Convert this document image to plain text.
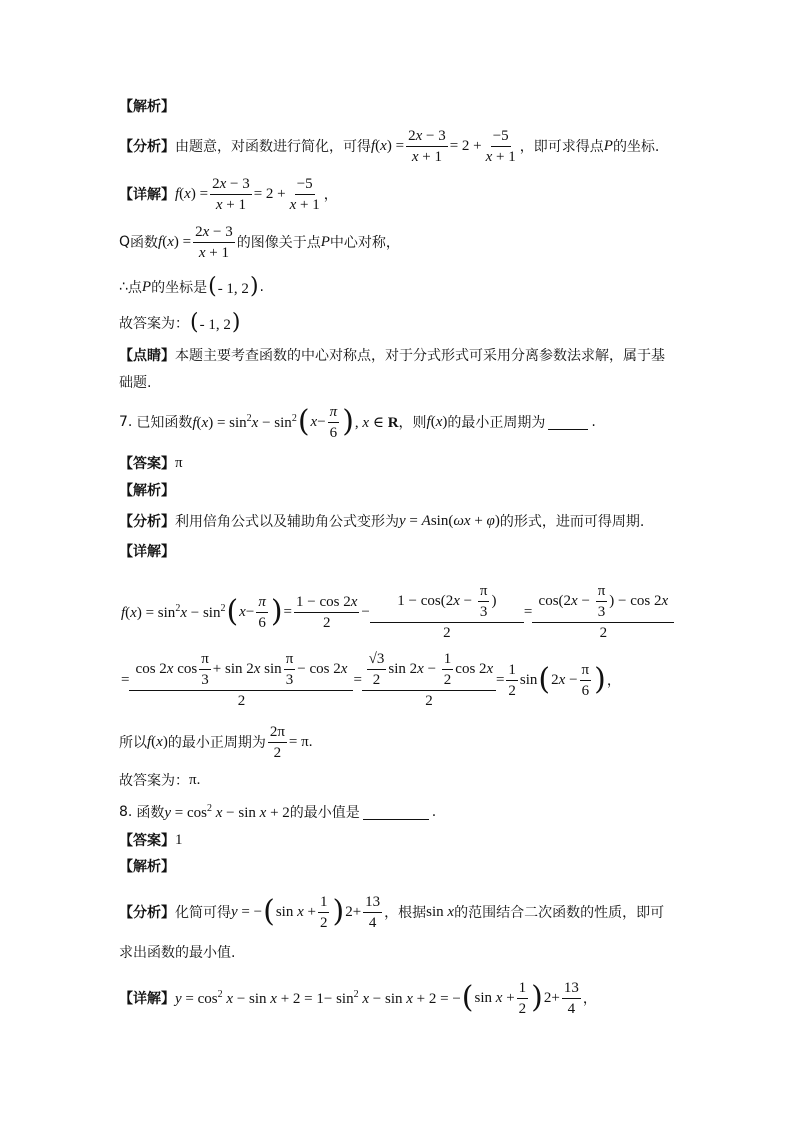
【解析】
【分析】 由题意，对函数进行简化，可得 $f(x) = \frac{2x - 3}{x + 1} = 2 + \frac{-5}{x + 1}$ ，即可求得点 P 的坐标.
【详解】 $f(x) = \frac{2x - 3}{x + 1} = 2 + \frac{-5}{x + 1}$ ，
Q 函数 $f(x) = \frac{2x - 3}{x + 1}$ 的图像关于点 P 中心对称，
∴ 点 P 的坐标是 (- 1, 2) .
故答案为： (- 1, 2)
【点睛】 本题主要考查函数的中心对称点，对于分式形式可采用分离参数法求解，属于基
础题.
7. 已知函数 $f(x) = \sin^2x - \sin^2$ ( $x - \frac{\pi}{6}$ ) , x ∈ R ，则 f(x) 的最小正周期为	.
【答案】 π
【解析】
【分析】 利用倍角公式以及辅助角公式变形为 y = Asin(ωx + φ) 的形式，进而可得周期.
【详解】
$f(x) = \sin^2x - \sin^2$ ( $x - \frac{\pi}{6}$ ) = $\frac{1 - \cos 2x}{2} - \frac{1 - \cos(2x - \frac{\pi}{3} )}{2} = \frac{\cos(2x - \frac{\pi}{3} ) - \cos 2x}{2}$
= $\frac{\cos 2x \cos \frac{\pi}{3} + \sin 2x \sin \frac{\pi}{3} - \cos 2x}{2} = \frac{\frac{√3}{2} \sin 2x - \frac{1}{2} \cos 2x}{2} = \frac{1}{2}$ sin ( $2x - \frac{\pi}{6}$ ) ，
所以 f(x) 的最小正周期为 $\frac{2\pi}{2} = \pi$.
故答案为： π.
8. 函数 $y = \cos^2 x - \sin x + 2$ 的最小值是	.
【答案】 1
【解析】
【分析】 化简可得 y = − ( $\sin x + \frac{1}{2}$ ) $2 + \frac{13}{4}$ ，根据 sin x 的范围结合二次函数的性质，即可
求出函数的最小值.
【详解】 $y = \cos^2 x - \sin x + 2 = 1- \sin^2 x - \sin x + 2$ = − ( $\sin x + \frac{1}{2}$ ) $2 + \frac{13}{4}$ ，
